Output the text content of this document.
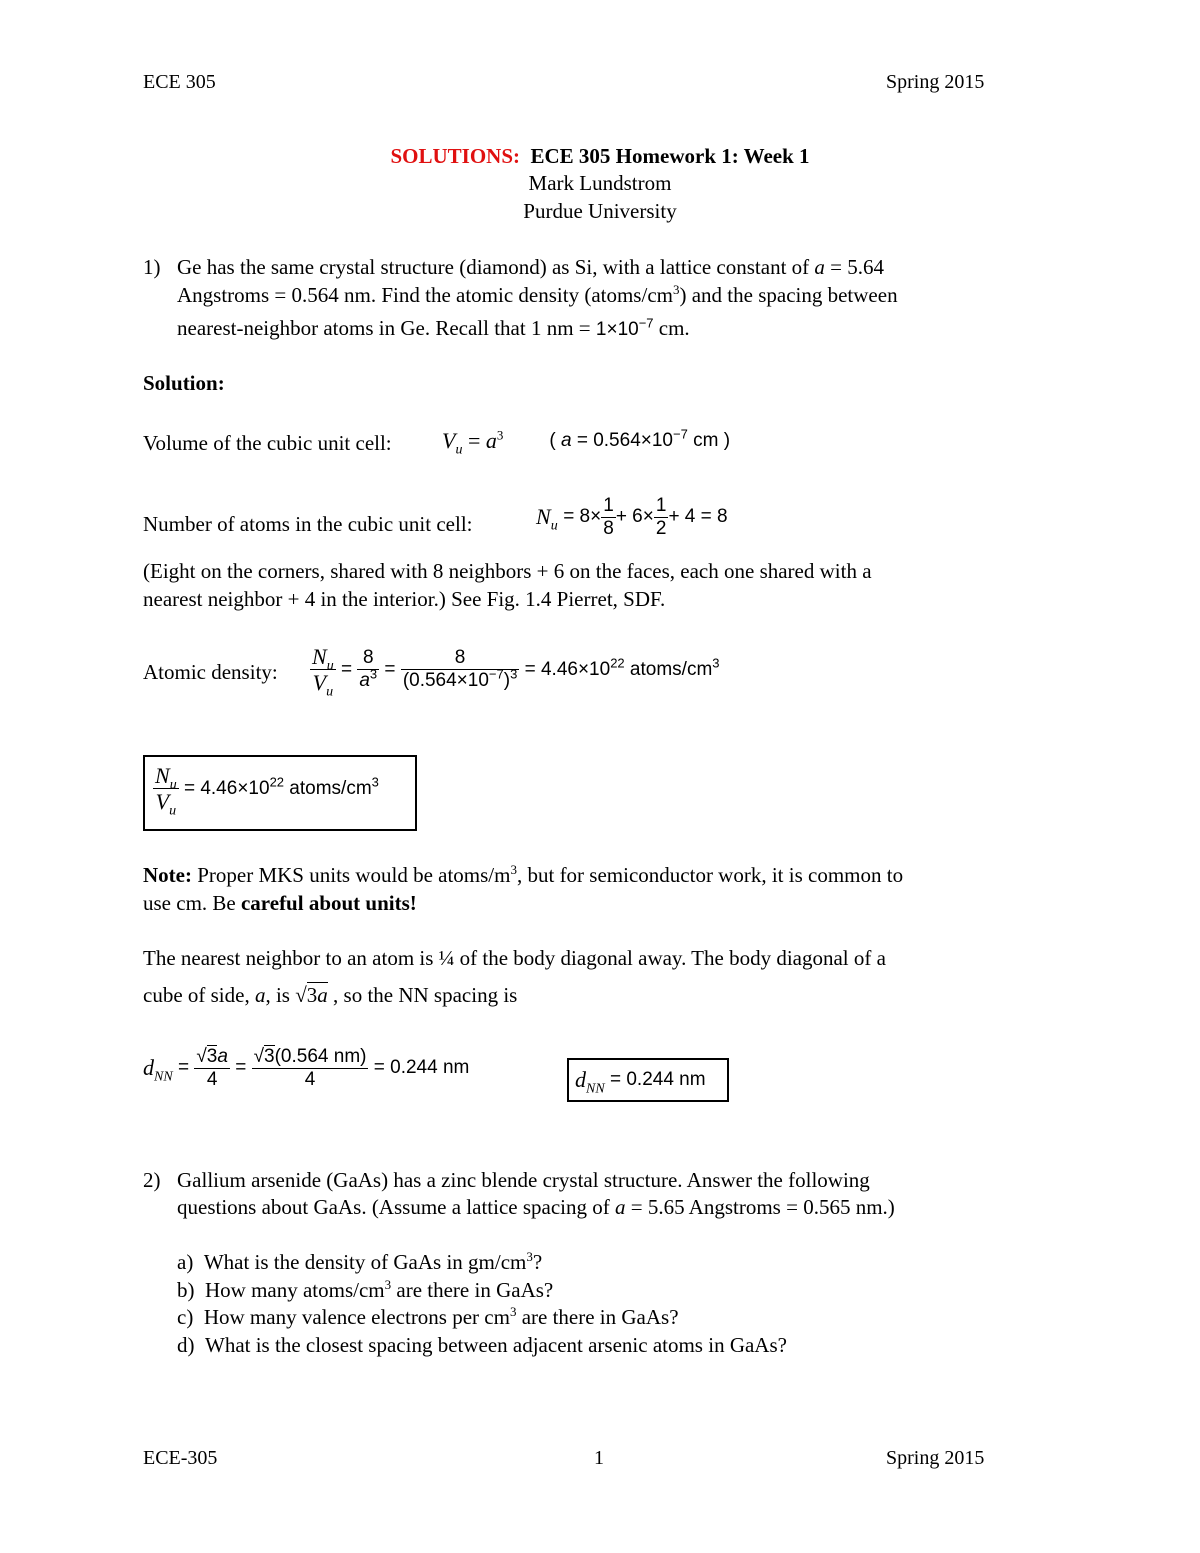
ECE 305	Spring 2015
SOLUTIONS: ECE 305 Homework 1: Week 1
Mark Lundstrom
Purdue University
1) Ge has the same crystal structure (diamond) as Si, with a lattice constant of a = 5.64
Angstroms = 0.564 nm. Find the atomic density $(atoms/cm^3)$ and the spacing between
nearest-neighbor atoms in Ge. Recall that 1 nm = $1\times 10^{-7}$ cm.
Solution:
Volume of the cubic unit cell: $V_u = a^3$ ( $a = 0.564\times 10^{-7}$ cm )
Number of atoms in the cubic unit cell:	$N_u = 8\times \frac{1}{8} + 6\times \frac{1}{2} + 4 = 8$
(Eight on the corners, shared with 8 neighbors + 6 on the faces, each one shared with a
nearest neighbor + 4 in the interior.) See Fig. 1.4 Pierret, SDF.
Atomic density: $\frac{N_u}{V_u} = \frac{8}{a^3} = \frac{8}{(0.564\times 10^{-7})^3} = 4.46\times 10^{22}$ atoms/$cm^3$
$\frac{N_u}{V_u} = 4.46\times 10^{22}$ atoms/$cm^3$
Note: Proper MKS units would be atoms/$m^3$, but for semiconductor work, it is common to
use cm. Be careful about units!
The nearest neighbor to an atom is ¼ of the body diagonal away. The body diagonal of a
cube of side, a, is √3a , so the NN spacing is
$d_{NN} = \frac{√3a}{4} = \frac{√3(0.564 nm)}{4} = 0.244$ nm	$d_{NN} = 0.244$ nm
2) Gallium arsenide (GaAs) has a zinc blende crystal structure. Answer the following
questions about GaAs. (Assume a lattice spacing of a = 5.65 Angstroms = 0.565 nm.)
a) What is the density of GaAs in $gm/cm^3$?
b) How many atoms/$cm^3$ are there in GaAs?
c) How many valence electrons per $cm^3$ are there in GaAs?
d) What is the closest spacing between adjacent arsenic atoms in GaAs?
ECE-305	1	Spring 2015
